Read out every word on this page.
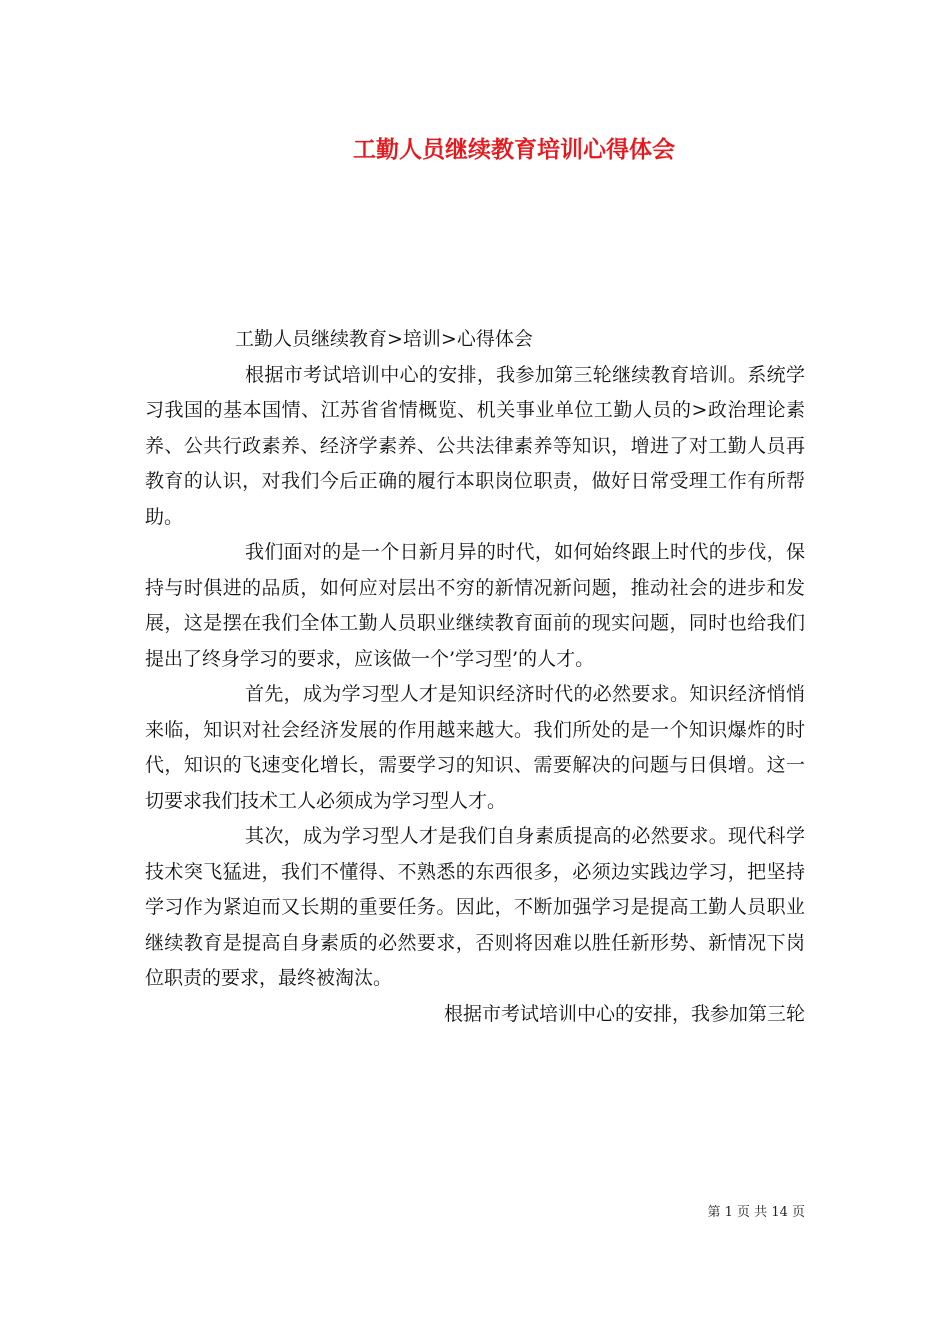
工勤人员继续教育培训心得体会

工勤人员继续教育>培训>心得体会

根据市考试培训中心的安排，我参加第三轮继续教育培训。系统学习我国的基本国情、江苏省省情概览、机关事业单位工勤人员的>政治理论素养、公共行政素养、经济学素养、公共法律素养等知识，增进了对工勤人员再教育的认识，对我们今后正确的履行本职岗位职责，做好日常受理工作有所帮助。

我们面对的是一个日新月异的时代，如何始终跟上时代的步伐，保持与时俱进的品质，如何应对层出不穷的新情况新问题，推动社会的进步和发展，这是摆在我们全体工勤人员职业继续教育面前的现实问题，同时也给我们提出了终身学习的要求，应该做一个’学习型’的人才。

首先，成为学习型人才是知识经济时代的必然要求。知识经济悄悄来临，知识对社会经济发展的作用越来越大。我们所处的是一个知识爆炸的时代，知识的飞速变化增长，需要学习的知识、需要解决的问题与日俱增。这一切要求我们技术工人必须成为学习型人才。

其次，成为学习型人才是我们自身素质提高的必然要求。现代科学技术突飞猛进，我们不懂得、不熟悉的东西很多，必须边实践边学习，把坚持学习作为紧迫而又长期的重要任务。因此，不断加强学习是提高工勤人员职业继续教育是提高自身素质的必然要求，否则将因难以胜任新形势、新情况下岗位职责的要求，最终被淘汰。

根据市考试培训中心的安排，我参加第三轮

第 1 页 共 14 页
